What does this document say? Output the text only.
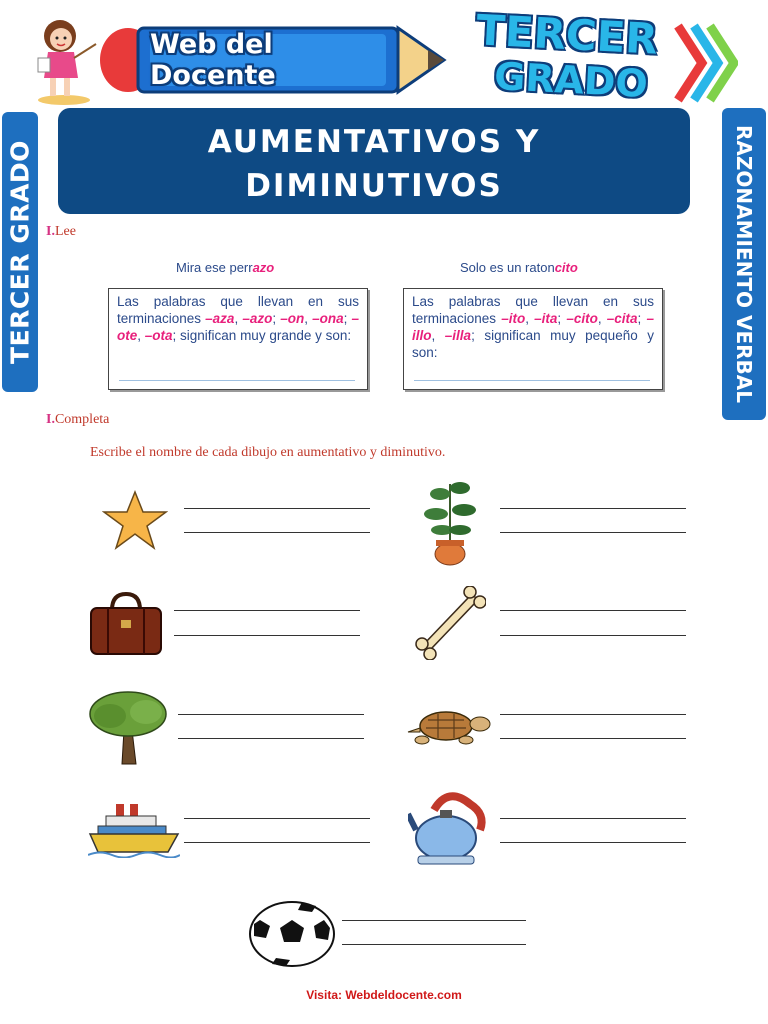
Web del Docente
TERCER
GRADO
TERCER GRADO	RAZONAMIENTO VERBAL
AUMENTATIVOS Y
DIMINUTIVOS
I.Lee
Mira ese perrazo	Solo es un ratoncito
Las palabras que llevan en sus terminaciones –aza, –azo; –on, –ona; –ote, –ota; significan muy grande y son:
Las palabras que llevan en sus terminaciones –ito, –ita; –cito, –cita; –illo, –illa; significan muy pequeño y son:
I.Completa
Escribe el nombre de cada dibujo en aumentativo y diminutivo.
Visita: Webdeldocente.com
